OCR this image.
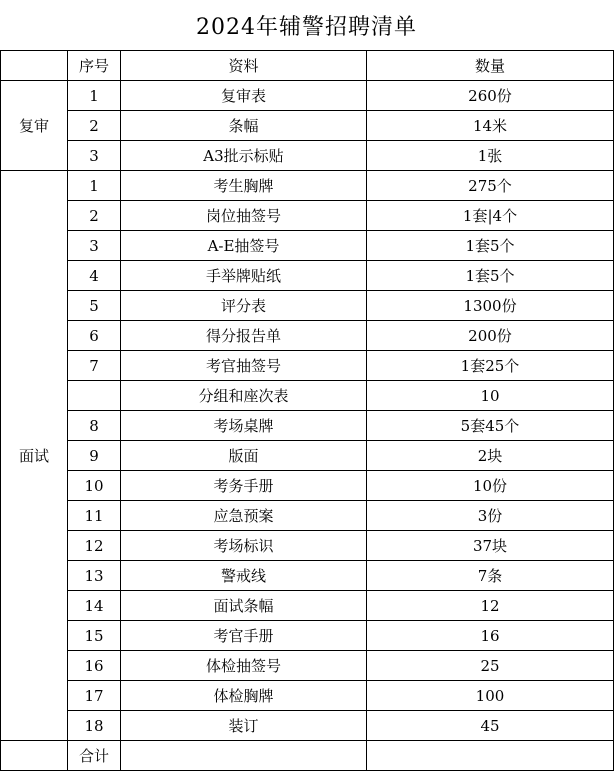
2024年辅警招聘清单
	序号	资料	数量
复审	1	复审表	260份
	2	条幅	14米
	3	A3批示标贴	1张
面试	1	考生胸牌	275个
	2	岗位抽签号	1套|4个
	3	A-E抽签号	1套5个
	4	手举牌贴纸	1套5个
	5	评分表	1300份
	6	得分报告单	200份
	7	考官抽签号	1套25个
		分组和座次表	10
	8	考场桌牌	5套45个
	9	版面	2块
	10	考务手册	10份
	11	应急预案	3份
	12	考场标识	37块
	13	警戒线	7条
	14	面试条幅	12
	15	考官手册	16
	16	体检抽签号	25
	17	体检胸牌	100
	18	装订	45
	合计		
